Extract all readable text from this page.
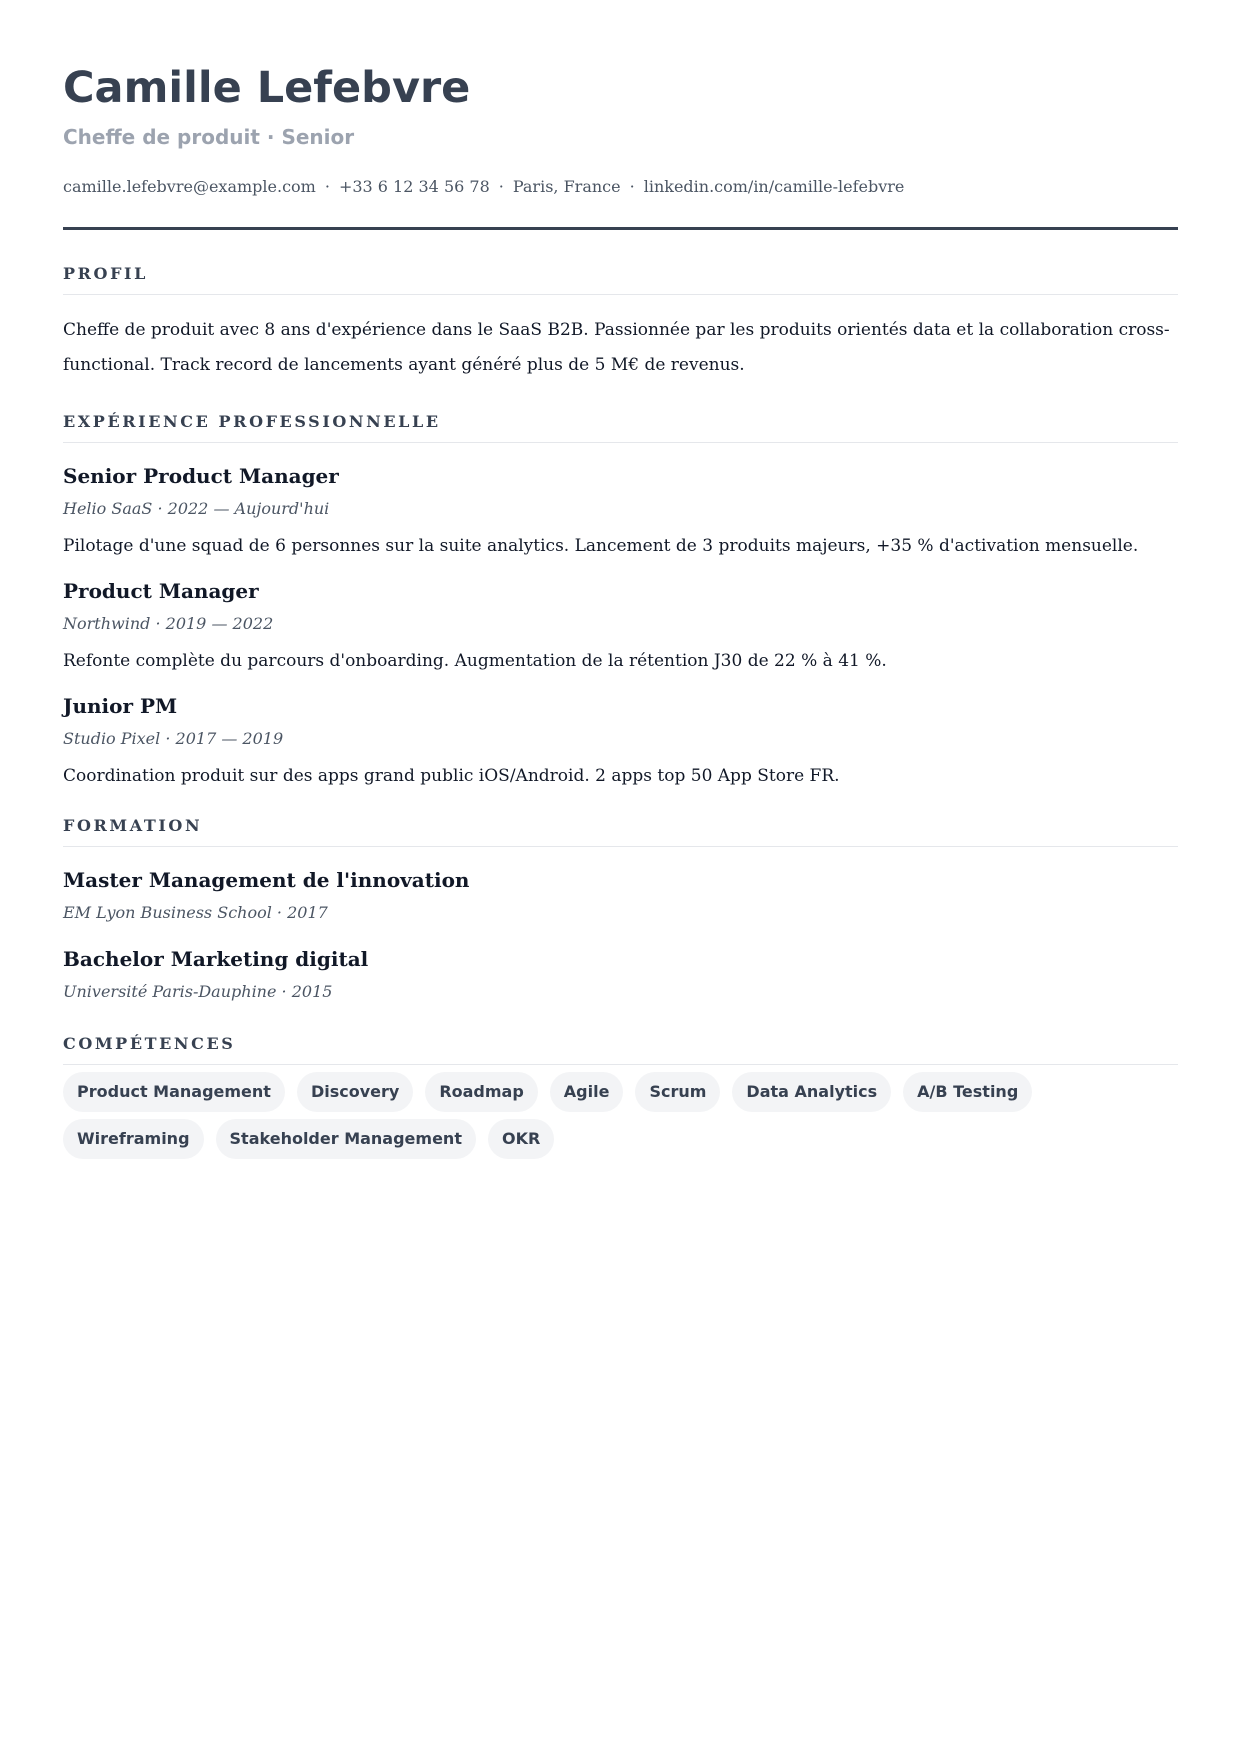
Camille Lefebvre
Cheffe de produit · Senior
camille.lefebvre@example.com · +33 6 12 34 56 78 · Paris, France · linkedin.com/in/camille-lefebvre
PROFIL
Cheffe de produit avec 8 ans d'expérience dans le SaaS B2B. Passionnée par les produits orientés data et la collaboration cross-functional. Track record de lancements ayant généré plus de 5 M€ de revenus.
EXPÉRIENCE PROFESSIONNELLE
Senior Product Manager
Helio SaaS · 2022 — Aujourd'hui
Pilotage d'une squad de 6 personnes sur la suite analytics. Lancement de 3 produits majeurs, +35 % d'activation mensuelle.
Product Manager
Northwind · 2019 — 2022
Refonte complète du parcours d'onboarding. Augmentation de la rétention J30 de 22 % à 41 %.
Junior PM
Studio Pixel · 2017 — 2019
Coordination produit sur des apps grand public iOS/Android. 2 apps top 50 App Store FR.
FORMATION
Master Management de l'innovation
EM Lyon Business School · 2017
Bachelor Marketing digital
Université Paris-Dauphine · 2015
COMPÉTENCES
Product Management	Discovery	Roadmap	Agile	Scrum	Data Analytics	A/B Testing
Wireframing	Stakeholder Management	OKR
